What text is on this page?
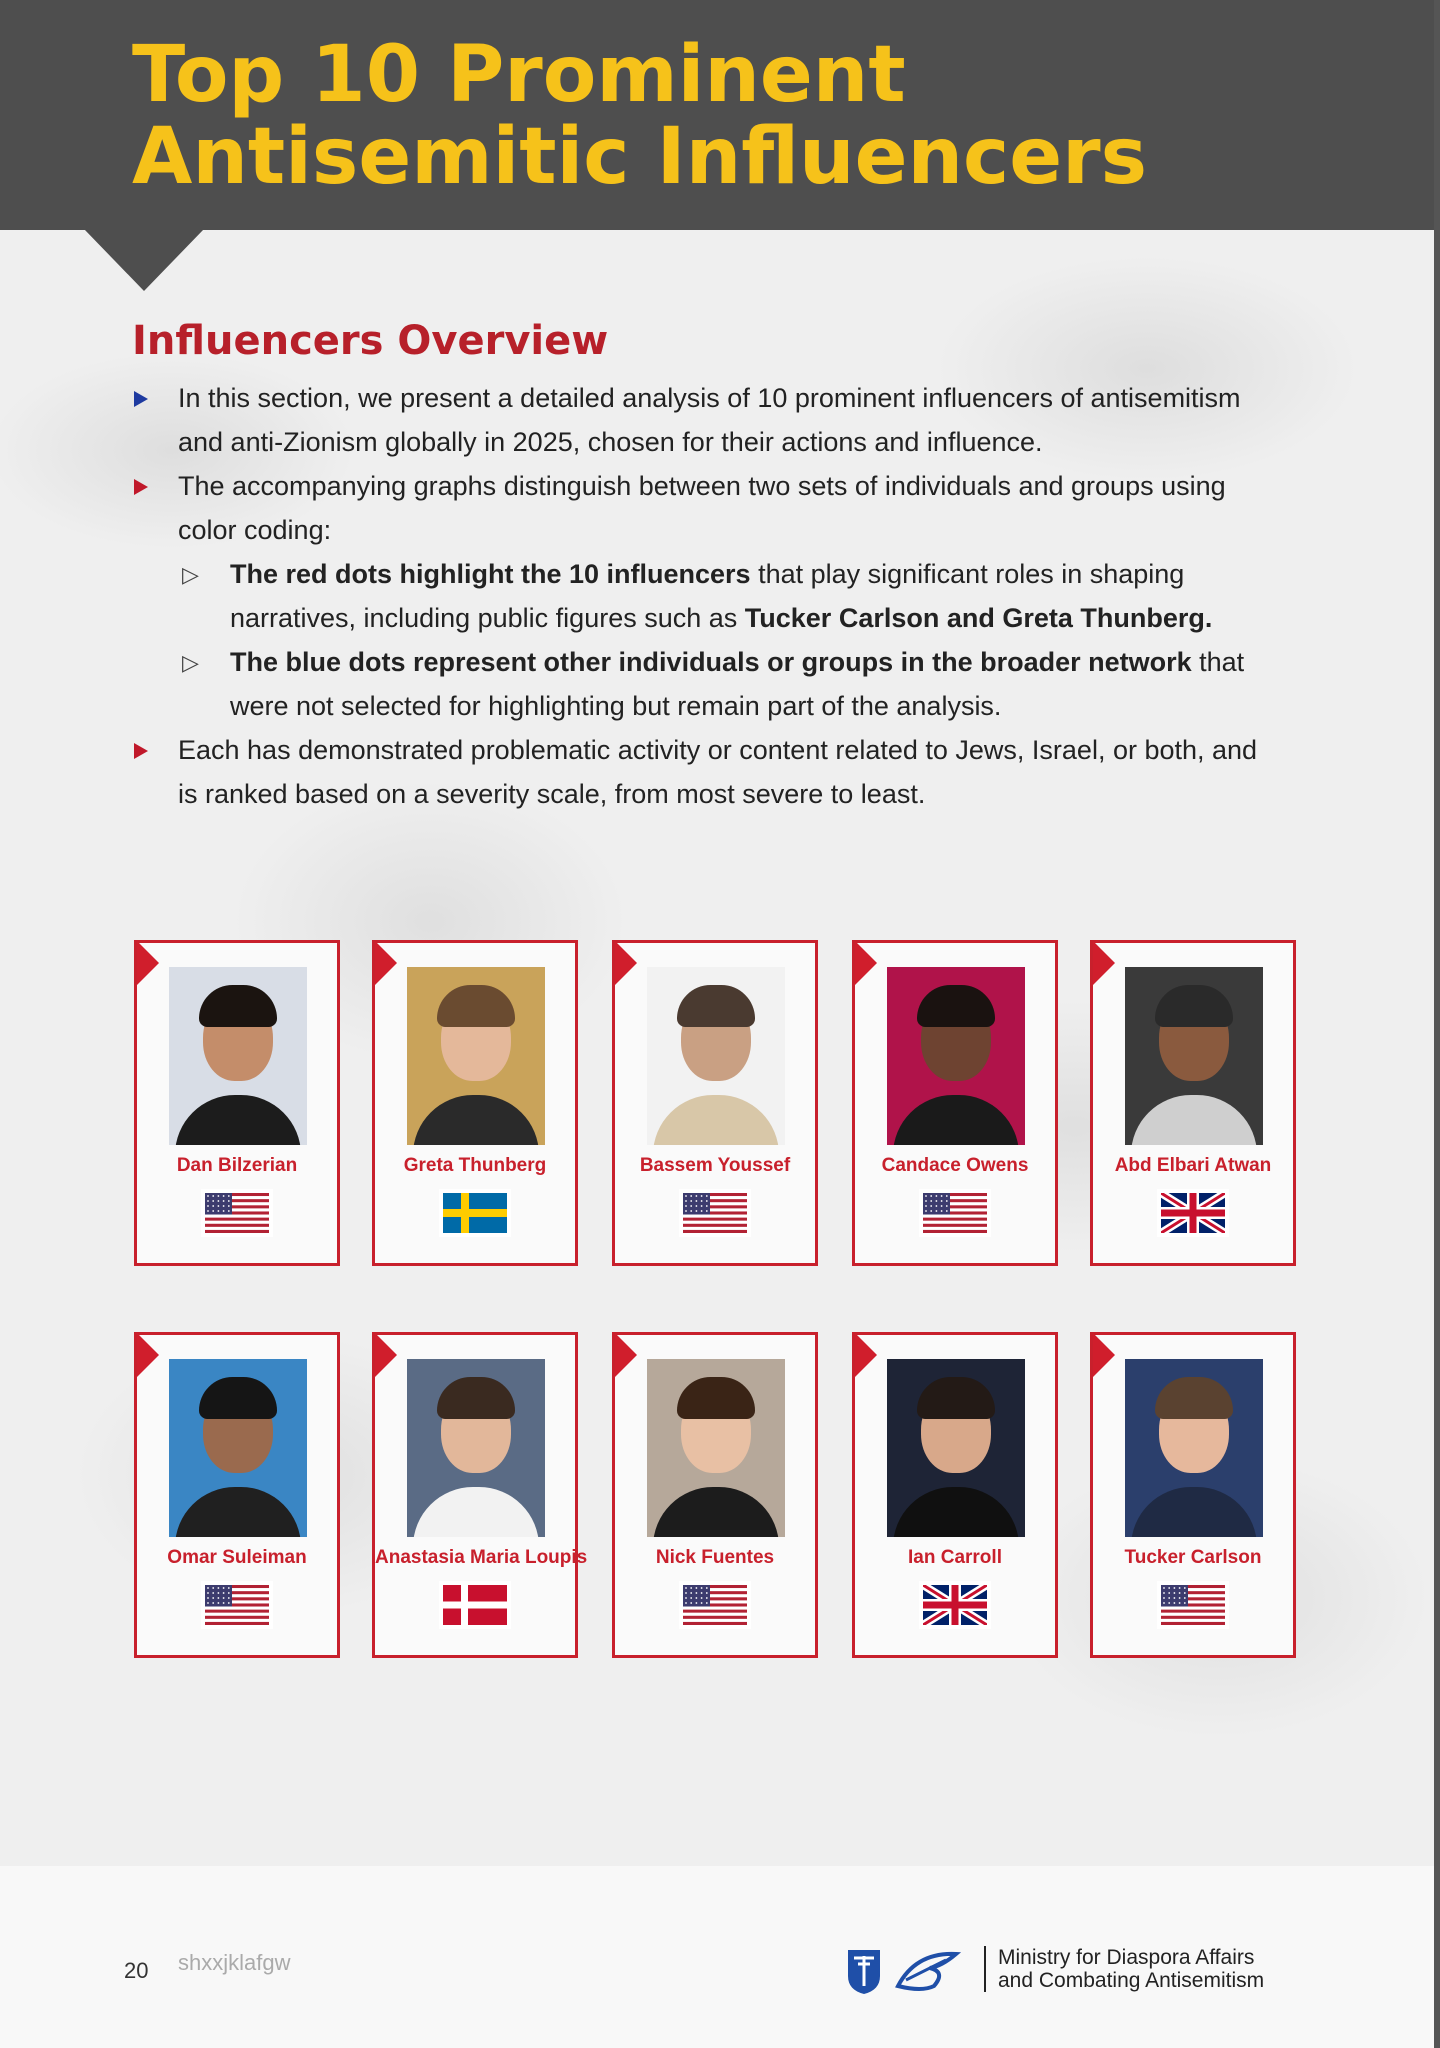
Top 10 Prominent
Antisemitic Influencers
Influencers Overview
In this section, we present a detailed analysis of 10 prominent influencers of antisemitism and anti-Zionism globally in 2025, chosen for their actions and influence.
The accompanying graphs distinguish between two sets of individuals and groups using color coding:
▷ The red dots highlight the 10 influencers that play significant roles in shaping narratives, including public figures such as Tucker Carlson and Greta Thunberg.
▷ The blue dots represent other individuals or groups in the broader network that were not selected for highlighting but remain part of the analysis.
Each has demonstrated problematic activity or content related to Jews, Israel, or both, and is ranked based on a severity scale, from most severe to least.
Dan Bilzerian	Greta Thunberg	Bassem Youssef	Candace Owens	Abd Elbari Atwan
Omar Suleiman	Anastasia Maria Loupis	Nick Fuentes	Ian Carroll	Tucker Carlson
20 shxxjklafgw	Ministry for Diaspora Affairs
and Combating Antisemitism
